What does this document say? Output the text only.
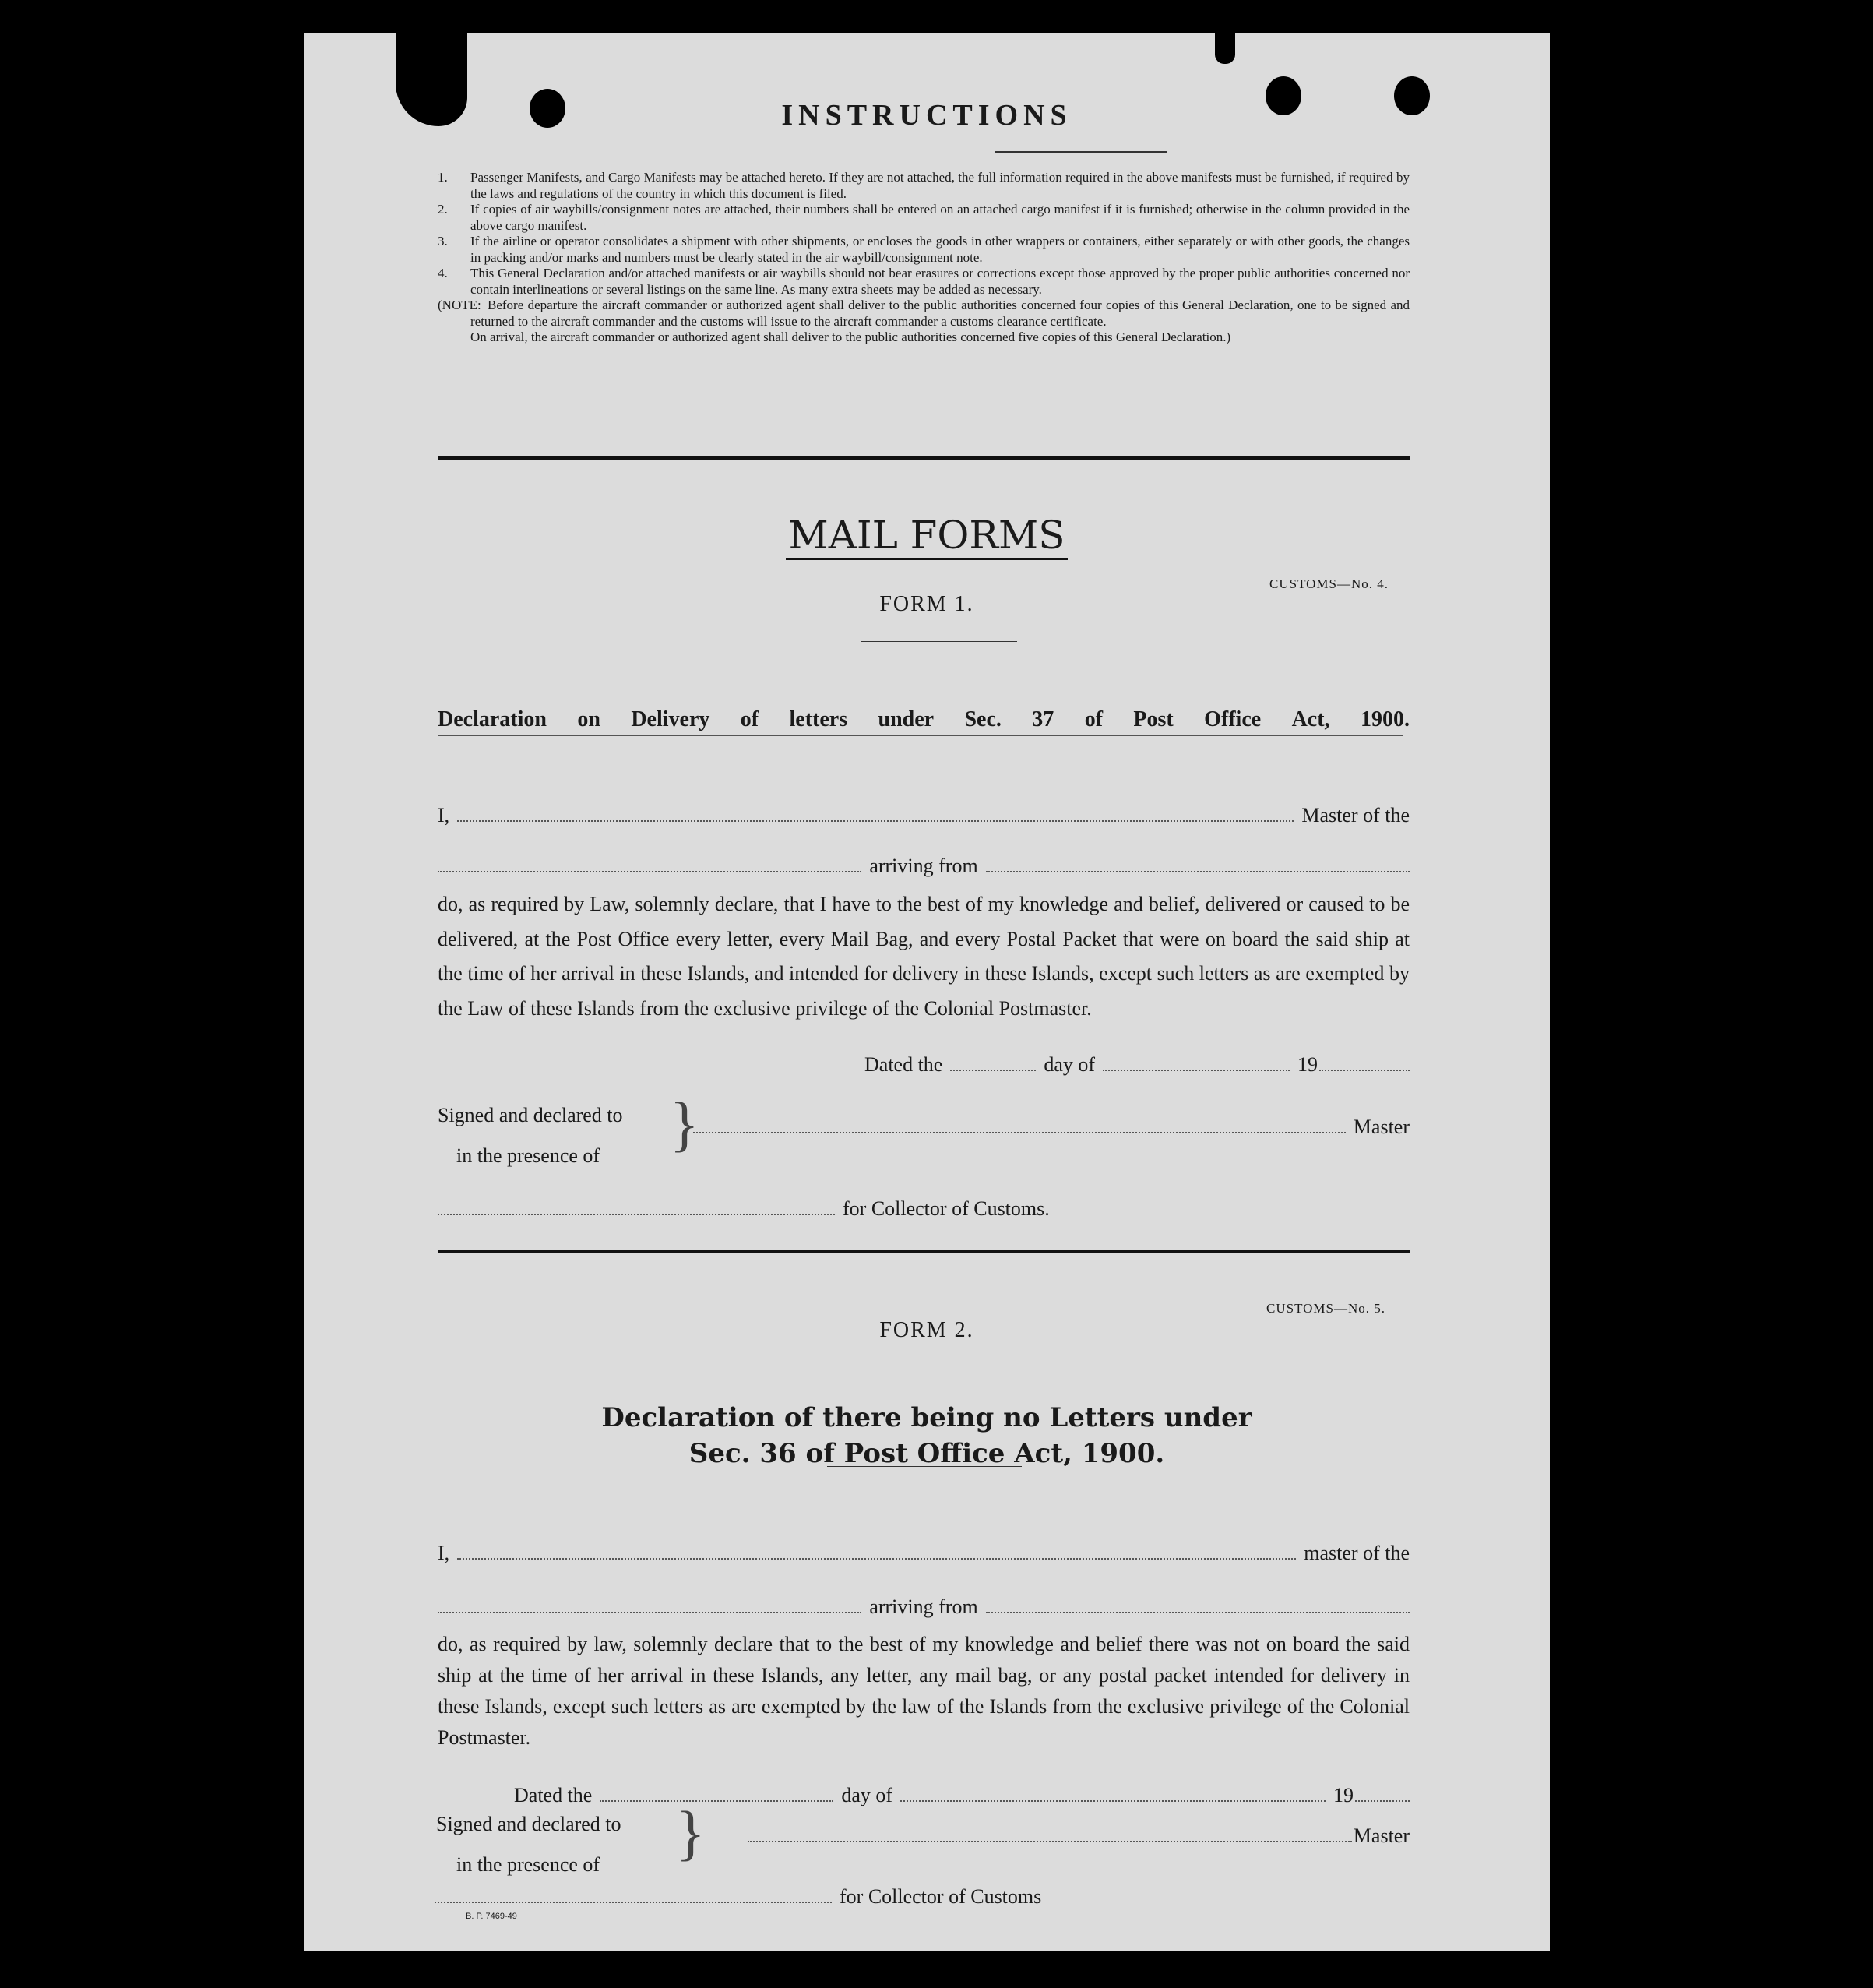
INSTRUCTIONS
1. Passenger Manifests, and Cargo Manifests may be attached hereto. If they are not attached, the full information required in the above manifests must be furnished, if required by the laws and regulations of the country in which this document is filed.
2. If copies of air waybills/consignment notes are attached, their numbers shall be entered on an attached cargo manifest if it is furnished; otherwise in the column provided in the above cargo manifest.
3. If the airline or operator consolidates a shipment with other shipments, or encloses the goods in other wrappers or containers, either separately or with other goods, the changes in packing and/or marks and numbers must be clearly stated in the air waybill/consignment note.
4. This General Declaration and/or attached manifests or air waybills should not bear erasures or corrections except those approved by the proper public authorities concerned nor contain interlineations or several listings on the same line. As many extra sheets may be added as necessary.
(NOTE: Before departure the aircraft commander or authorized agent shall deliver to the public authorities concerned four copies of this General Declaration, one to be signed and returned to the aircraft commander and the customs will issue to the aircraft commander a customs clearance certificate.
On arrival, the aircraft commander or authorized agent shall deliver to the public authorities concerned five copies of this General Declaration.)
MAIL FORMS
CUSTOMS—No. 4.
FORM 1.
Declaration on Delivery of letters under Sec. 37 of Post Office Act, 1900.
I,	Master of the
arriving from
do, as required by Law, solemnly declare, that I have to the best of my knowledge and belief, delivered or caused to be delivered, at the Post Office every letter, every Mail Bag, and every Postal Packet that were on board the said ship at the time of her arrival in these Islands, and intended for delivery in these Islands, except such letters as are exempted by the Law of these Islands from the exclusive privilege of the Colonial Postmaster.
Dated the	day of	19
Signed and declared to
in the presence of	}	Master
for Collector of Customs.
CUSTOMS—No. 5.
FORM 2.
Declaration of there being no Letters under
Sec. 36 of Post Office Act, 1900.
I,	master of the
arriving from
do, as required by law, solemnly declare that to the best of my knowledge and belief there was not on board the said ship at the time of her arrival in these Islands, any letter, any mail bag, or any postal packet intended for delivery in these Islands, except such letters as are exempted by the law of the Islands from the exclusive privilege of the Colonial Postmaster.
Dated the	day of	19
Signed and declared to
in the presence of	}	Master
for Collector of Customs
B. P. 7469-49
